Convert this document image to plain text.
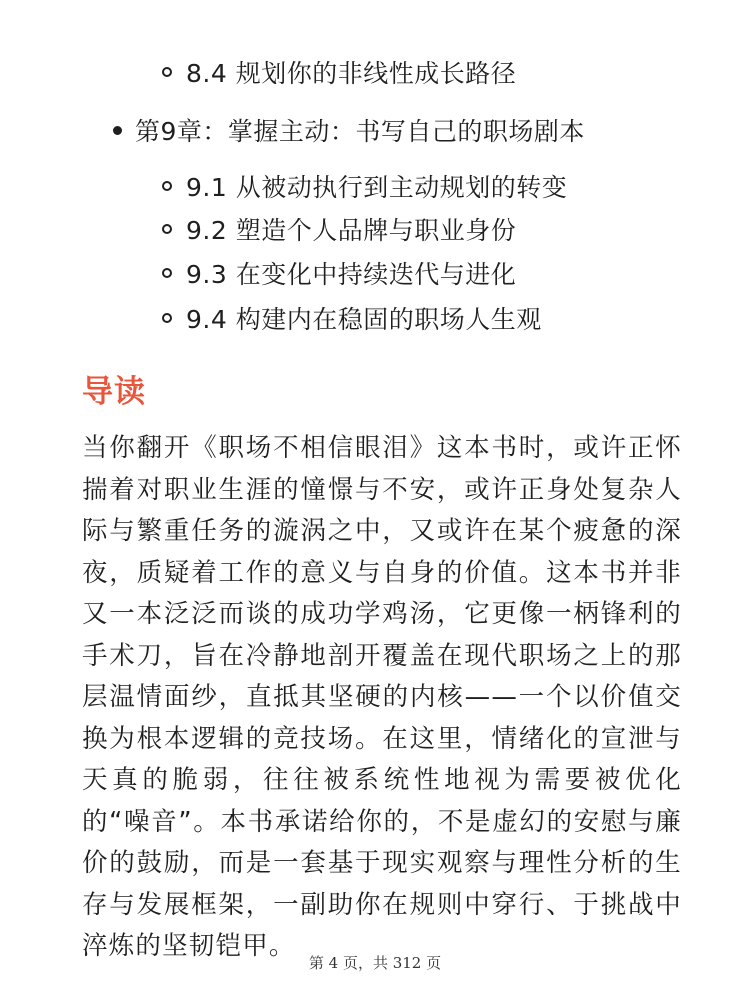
8.4 规划你的非线性成长路径
第9章：掌握主动：书写自己的职场剧本
9.1 从被动执行到主动规划的转变
9.2 塑造个人品牌与职业身份
9.3 在变化中持续迭代与进化
9.4 构建内在稳固的职场人生观
导读

当你翻开《职场不相信眼泪》这本书时，或许正怀揣着对职业生涯的憧憬与不安，或许正身处复杂人际与繁重任务的漩涡之中，又或许在某个疲惫的深夜，质疑着工作的意义与自身的价值。这本书并非又一本泛泛而谈的成功学鸡汤，它更像一柄锋利的手术刀，旨在冷静地剖开覆盖在现代职场之上的那层温情面纱，直抵其坚硬的内核——一个以价值交换为根本逻辑的竞技场。在这里，情绪化的宣泄与天真的脆弱，往往被系统性地视为需要被优化的“噪音”。本书承诺给你的，不是虚幻的安慰与廉价的鼓励，而是一套基于现实观察与理性分析的生存与发展框架，一副助你在规则中穿行、于挑战中淬炼的坚韧铠甲。

第 4 页，共 312 页
